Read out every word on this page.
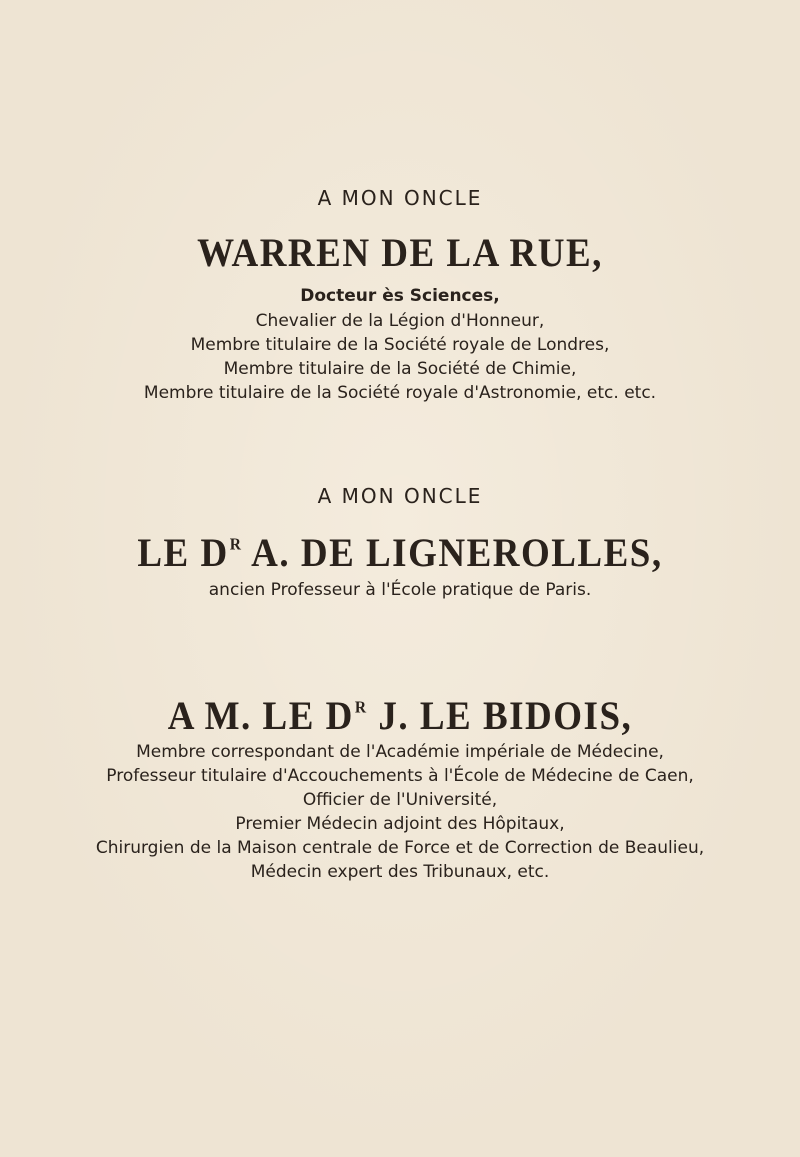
A MON ONCLE
WARREN DE LA RUE,
Docteur ès Sciences,
Chevalier de la Légion d'Honneur,
Membre titulaire de la Société royale de Londres,
Membre titulaire de la Société de Chimie,
Membre titulaire de la Société royale d'Astronomie, etc. etc.
A MON ONCLE
LE $D^R$ A. DE LIGNEROLLES,
ancien Professeur à l'École pratique de Paris.
A M. LE $D^R$ J. LE BIDOIS,
Membre correspondant de l'Académie impériale de Médecine,
Professeur titulaire d'Accouchements à l'École de Médecine de Caen,
Officier de l'Université,
Premier Médecin adjoint des Hôpitaux,
Chirurgien de la Maison centrale de Force et de Correction de Beaulieu,
Médecin expert des Tribunaux, etc.
